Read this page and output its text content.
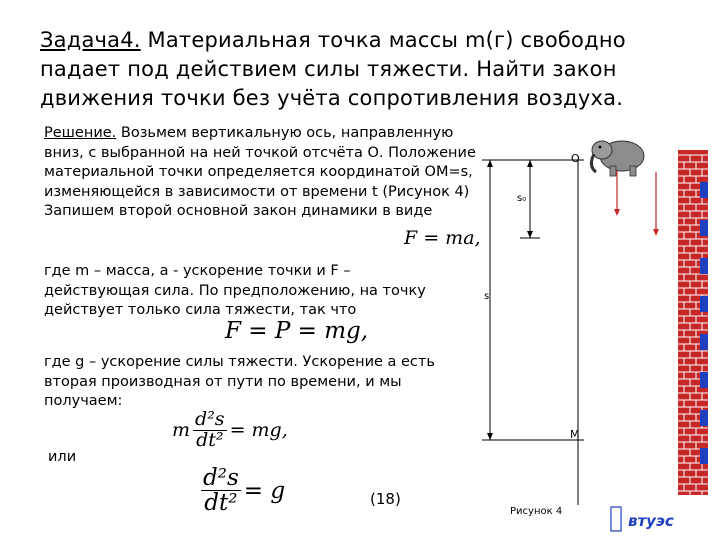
Задача4. Материальная точка массы m(г) свободно падает под действием силы тяжести. Найти закон движения точки без учёта сопротивления воздуха.
Решение. Возьмем вертикальную ось, направленную вниз, с выбранной на ней точкой отсчёта О. Положение материальной точки определяется координатой ОМ=s, изменяющейся в зависимости от времени t (Рисунок 4) Запишем второй основной закон динамики в виде
F = ma,
где m – масса, а - ускорение точки и F – действующая сила. По предположению, на точку действует только сила тяжести, так что
F = P = mg,
где g – ускорение силы тяжести. Ускорение а есть вторая производная от пути по времени, и мы получаем:
m $\frac{\text{d²s}}{\text{dt²}}$ = mg,
или
$\frac{\text{d²s}}{\text{dt²}} = g$	(18)
втуэс
O
s₀
s
M
Рисунок 4
